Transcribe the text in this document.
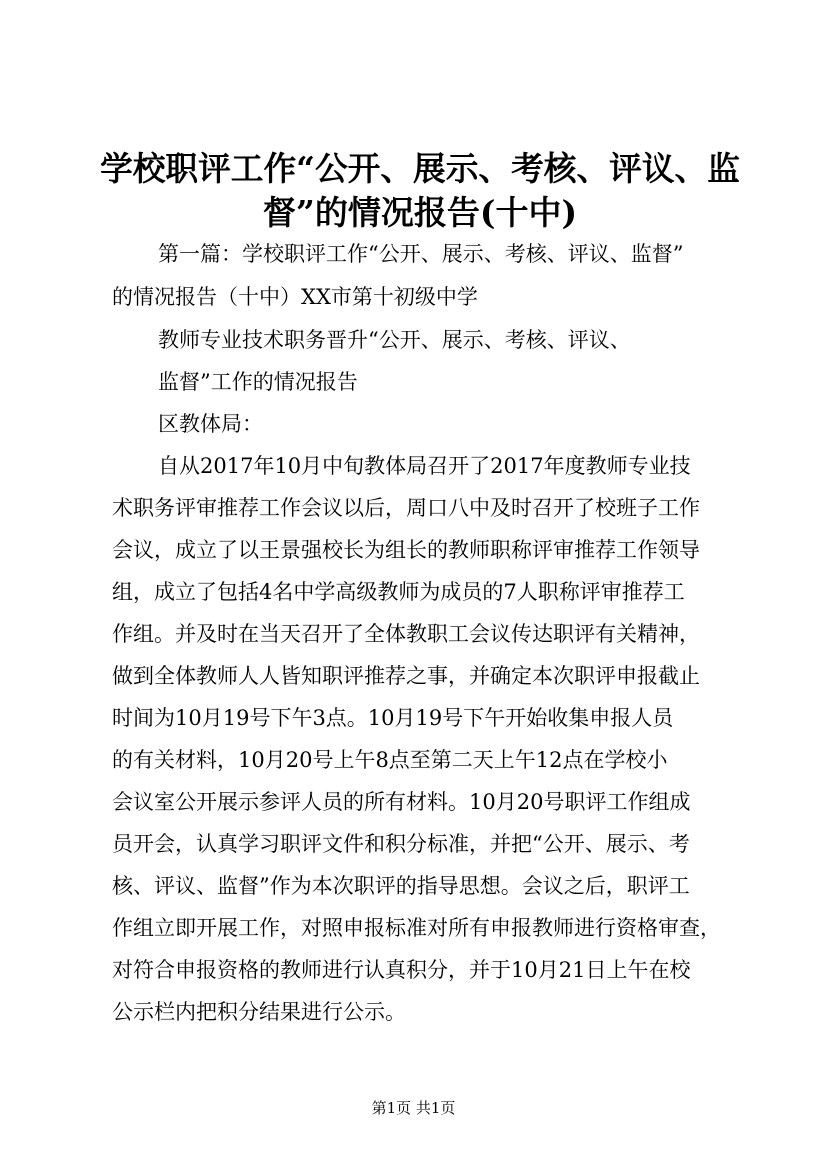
学校职评工作“公开、展示、考核、评议、监
督”的情况报告(十中)

第一篇：学校职评工作“公开、展示、考核、评议、监督”

的情况报告（十中）XX市第十初级中学

教师专业技术职务晋升“公开、展示、考核、评议、

监督”工作的情况报告

区教体局：

自从2017年10月中旬教体局召开了2017年度教师专业技

术职务评审推荐工作会议以后，周口八中及时召开了校班子工作

会议，成立了以王景强校长为组长的教师职称评审推荐工作领导

组，成立了包括4名中学高级教师为成员的7人职称评审推荐工

作组。并及时在当天召开了全体教职工会议传达职评有关精神，

做到全体教师人人皆知职评推荐之事，并确定本次职评申报截止

时间为10月19号下午3点。10月19号下午开始收集申报人员

的有关材料，10月20号上午8点至第二天上午12点在学校小

会议室公开展示参评人员的所有材料。10月20号职评工作组成

员开会，认真学习职评文件和积分标准，并把“公开、展示、考

核、评议、监督”作为本次职评的指导思想。会议之后，职评工

作组立即开展工作，对照申报标准对所有申报教师进行资格审查，

对符合申报资格的教师进行认真积分，并于10月21日上午在校

公示栏内把积分结果进行公示。

第1页 共1页
